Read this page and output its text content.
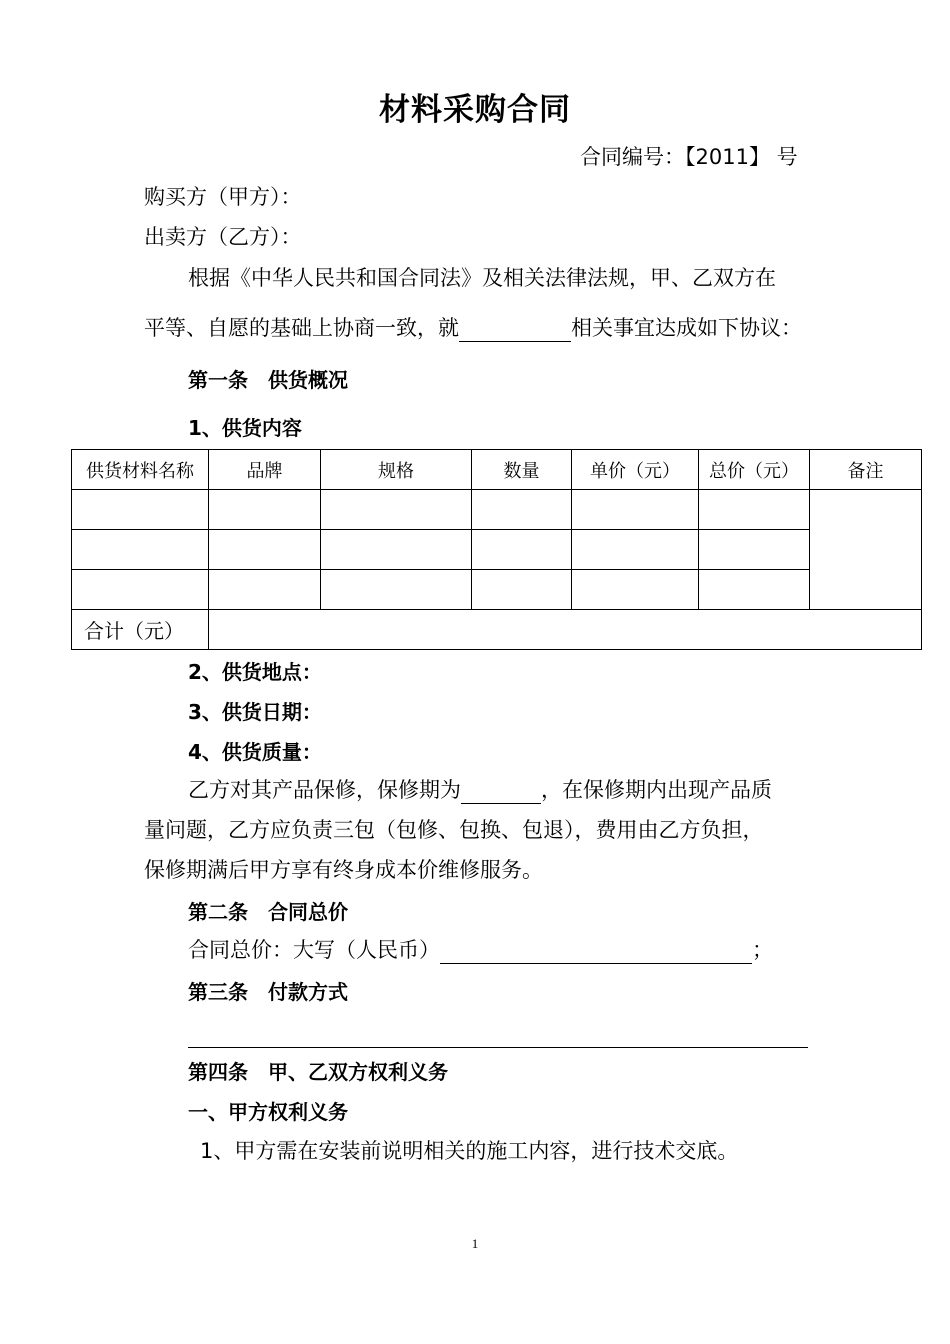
材料采购合同
合同编号：【2011】 号
购买方（甲方）：
出卖方（乙方）：
根据《中华人民共和国合同法》及相关法律法规，甲、乙双方在
平等、自愿的基础上协商一致，就	相关事宜达成如下协议：
第一条　供货概况
1、供货内容
供货材料名称	品牌	规格	数量	单价（元）	总价（元）	备注

合计（元）						
2、供货地点：
3、供货日期：
4、供货质量：
乙方对其产品保修，保修期为	，在保修期内出现产品质
量问题，乙方应负责三包（包修、包换、包退），费用由乙方负担，
保修期满后甲方享有终身成本价维修服务。
第二条　合同总价
合同总价：大写（人民币）	；
第三条　付款方式
第四条　甲、乙双方权利义务
一、甲方权利义务
1、甲方需在安装前说明相关的施工内容，进行技术交底。
1
